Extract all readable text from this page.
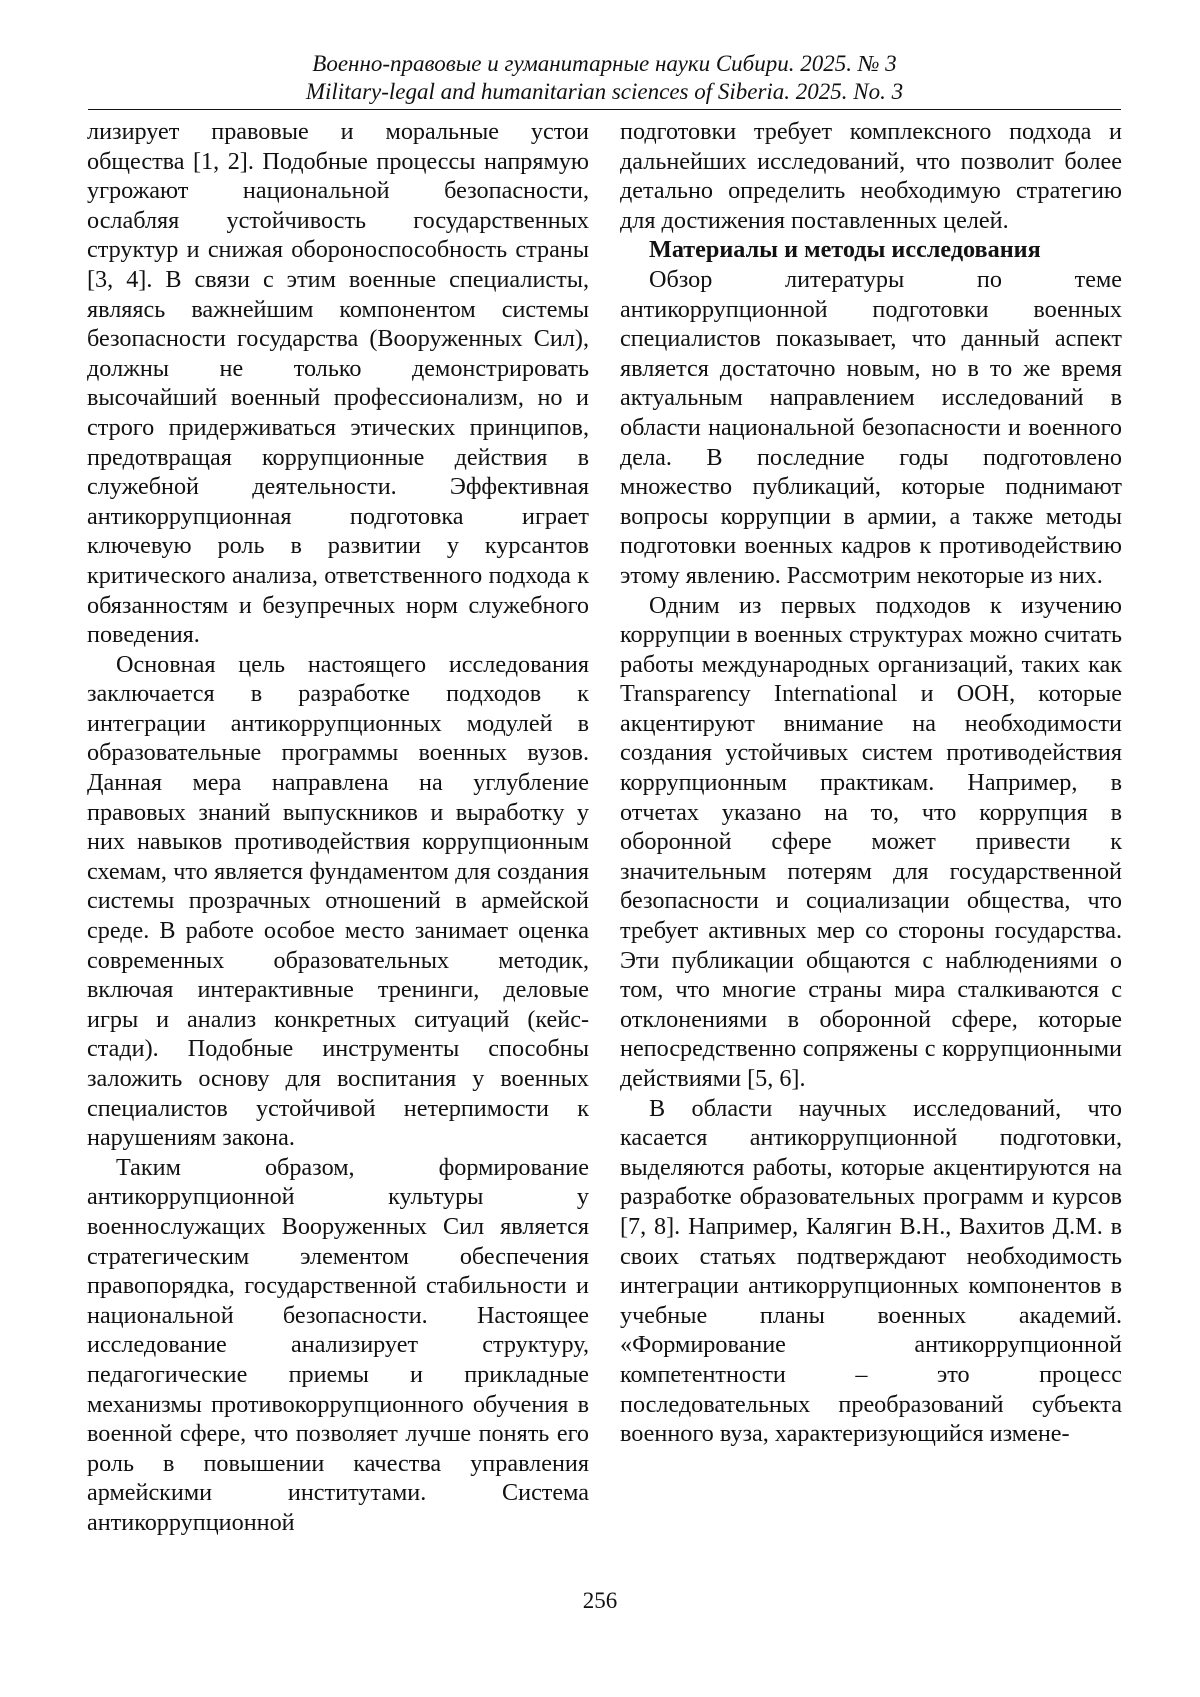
Военно-правовые и гуманитарные науки Сибири. 2025. № 3
Military-legal and humanitarian sciences of Siberia. 2025. No. 3

лизирует правовые и моральные устои общества [1, 2]. Подобные процессы напрямую угрожают национальной безопасности, ослабляя устойчивость государственных структур и снижая обороноспособность страны [3, 4]. В связи с этим военные специалисты, являясь важнейшим компонентом системы безопасности государства (Вооруженных Сил), должны не только демонстрировать высочайший военный профессионализм, но и строго придерживаться этических принципов, предотвращая коррупционные действия в служебной деятельности. Эффективная антикоррупционная подготовка играет ключевую роль в развитии у курсантов критического анализа, ответственного подхода к обязанностям и безупречных норм служебного поведения.

Основная цель настоящего исследования заключается в разработке подходов к интеграции антикоррупционных модулей в образовательные программы военных вузов. Данная мера направлена на углубление правовых знаний выпускников и выработку у них навыков противодействия коррупционным схемам, что является фундаментом для создания системы прозрачных отношений в армейской среде. В работе особое место занимает оценка современных образовательных методик, включая интерактивные тренинги, деловые игры и анализ конкретных ситуаций (кейс-стади). Подобные инструменты способны заложить основу для воспитания у военных специалистов устойчивой нетерпимости к нарушениям закона.

Таким образом, формирование антикоррупционной культуры у военнослужащих Вооруженных Сил является стратегическим элементом обеспечения правопорядка, государственной стабильности и национальной безопасности. Настоящее исследование анализирует структуру, педагогические приемы и прикладные механизмы противокоррупционного обучения в военной сфере, что позволяет лучше понять его роль в повышении качества управления армейскими институтами. Система антикоррупционной

подготовки требует комплексного подхода и дальнейших исследований, что позволит более детально определить необходимую стратегию для достижения поставленных целей.

Материалы и методы исследования

Обзор литературы по теме антикоррупционной подготовки военных специалистов показывает, что данный аспект является достаточно новым, но в то же время актуальным направлением исследований в области национальной безопасности и военного дела. В последние годы подготовлено множество публикаций, которые поднимают вопросы коррупции в армии, а также методы подготовки военных кадров к противодействию этому явлению. Рассмотрим некоторые из них.

Одним из первых подходов к изучению коррупции в военных структурах можно считать работы международных организаций, таких как Transparency International и ООН, которые акцентируют внимание на необходимости создания устойчивых систем противодействия коррупционным практикам. Например, в отчетах указано на то, что коррупция в оборонной сфере может привести к значительным потерям для государственной безопасности и социализации общества, что требует активных мер со стороны государства. Эти публикации общаются с наблюдениями о том, что многие страны мира сталкиваются с отклонениями в оборонной сфере, которые непосредственно сопряжены с коррупционными действиями [5, 6].

В области научных исследований, что касается антикоррупционной подготовки, выделяются работы, которые акцентируются на разработке образовательных программ и курсов [7, 8]. Например, Калягин В.Н., Вахитов Д.М. в своих статьях подтверждают необходимость интеграции антикоррупционных компонентов в учебные планы военных академий. «Формирование антикоррупционной компетентности – это процесс последовательных преобразований субъекта военного вуза, характеризующийся измене-

256
